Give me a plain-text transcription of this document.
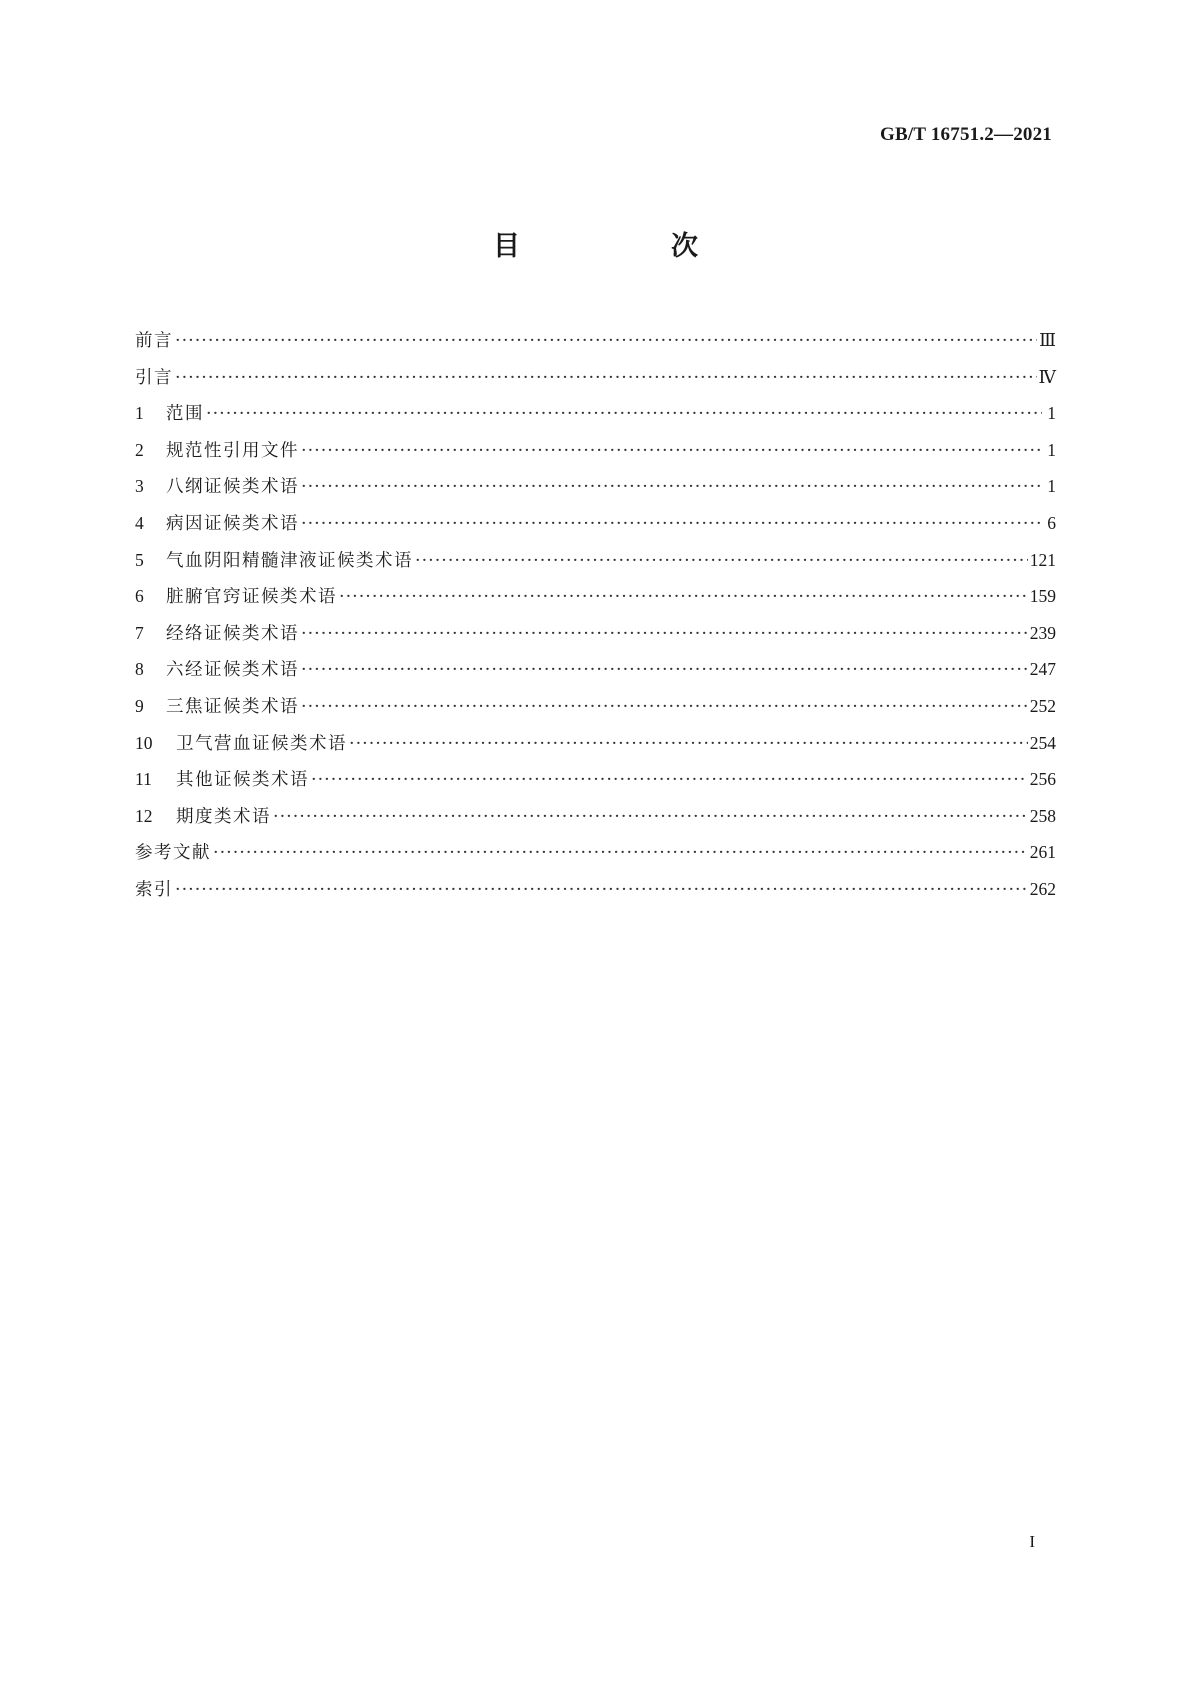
GB/T 16751.2—2021
目　次
前言 ·····	Ⅲ
引言 ·····	Ⅳ
1	范围 ·····	1
2	规范性引用文件 ·····	1
3	八纲证候类术语 ·····	1
4	病因证候类术语 ·····	6
5	气血阴阳精髓津液证候类术语 ·····	121
6	脏腑官窍证候类术语 ·····	159
7	经络证候类术语 ·····	239
8	六经证候类术语 ·····	247
9	三焦证候类术语 ·····	252
10	卫气营血证候类术语 ·····	254
11	其他证候类术语 ·····	256
12	期度类术语 ·····	258
参考文献 ·····	261
索引 ·····	262
I
